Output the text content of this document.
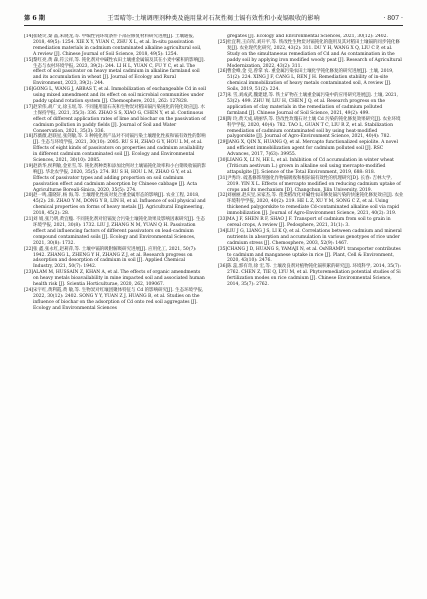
第 6 期	王雪晴等:土壤调理剂种类及施用量对石灰性褐土镉有效性和小麦镉吸收的影响	· 807 ·

[14]崔晓荧,秦 晶,朱晓龙,等. 中编性钝环境条件下部应修复材料研究进展[J]. 土壤通报, 2018, 49(5): 1254. XIE X Y, YUAN C, ZHU X L, et al. In-situ passivation remediation materials in cadmium contaminated alkaline agricultural soil, A review [J]. Chinese Journal of Soil Science, 2018, 49(5): 1254.

[15]黎红亮,黄 森,符云祥,等. 钝化剂对中碱性农田土壤重金属镉及其在小麦中累积的影响[J]. 生态与农村环境学报, 2023, 39(2): 244. LI H L, YUAN C, FU Y C, et al. The effect of soil passivator on heavy metal cadmium in alkaline farmland soil and its accumulation in wheat [J]. Journal of Ecology and Rural Environment, 2023, 39(2): 244.

[16]GONG L, WANG J, ABBAS T, et al. Immobilization of exchangeable Cd in soil using mixed amendment and its effect on soil microbial communities under paddy upland rotation system [J]. Chemosphere, 2021, 262: 127828.

[17]赵荣伟,胡广文,徐玉瑶,等. 不同施用量石灰和生物炭对稻田镉污染钝化的钝化效应[J]. 水土保持学报, 2021, 35(3): 336. ZHAO S S, XIAO G, CHEN Y, et al. Continuous effect of different application rates of lime and biochar on the passivation of cadmium pollution in paddy fields [J]. Journal of Soil and Water Conservation, 2021, 35(3): 336.

[18]苏薇薇,赵联星,张剑敏,等. 3 种钝化剂产品对不同镉污染土壤理化性质和镉有效性的影响[J]. 生态与环境学报, 2021, 30(10): 2085. RU S H, ZHAO G Y, HOU L M, et al. Effects of eight kinds of passivators on properties and cadmium availability in different cadmium contaminated soil [J]. Ecology and Environmental Sciences, 2021, 30(10): 2085.

[19]赵新华,侯利敏,金亚雪,等. 钝化剂种类和添加比例对土壤镉钝化效率和小白菜吸收镉的影响[J]. 华北农学报, 2020, 35(5): 274. RU S H, HOU L M, ZHAO G Y, et al. Effects of passivator types and adding proportion on soil cadmium passivation effect and cadmium absorption by Chinese cabbage [J]. Acta Agriculturae Boreali-Sinica, 2020, 35(5): 274.

[20]赵一鸣,董晓轩,杨 海,等. 土壤理化性质对复合重金属形态的影响[J]. 农业工程, 2018, 45(2): 28. ZHAO Y M, DONG Y B, LIN H, et al. Influence of soil physical and chemical properties on forms of heavy metals [J]. Agricultural Engineering, 2018, 45(2): 28.

[21]刘 娟,张乃明,黄宜楹. 不同钝化剂对铅镉复合污染土壤钝化效果及影响因素研究[J]. 生态环境学报, 2021, 30(8): 1732. LIU J, ZHANG N M, YUAN Q H. Passivation effect and influencing factors of different passivators on lead-cadmium compound contaminated soils [J]. Ecology and Environmental Sciences, 2021, 30(8): 1732.

[22]张 鑫,张永红,赵莉萍,等. 土壤中镉的吸附解吸研究进展[J]. 应用化工, 2021, 50(7): 1942. ZHANG L, ZHENG Y H, ZHANG Z J, et al. Research progress on adsorption and desorption of cadmium in soil [J]. Applied Chemical Industry, 2021, 50(7): 1942.

[23]ALAM M, HUSSAIN Z, KHAN A, et al. The effects of organic amendments on heavy metals bioavailability in mine impacted soil and associated human health risk [J]. Scientia Horticulturae, 2020, 262, 109067.

[24]宋宇红,黄利霞,黄 敏,等. 生物炭对红壤团聚体特征与 Cd 的影响研究[J]. 生态环境学报, 2022, 30(12): 2402. SONG Y Y, YUAN Z J, HUANG B, et al. Studies on the influence of biochar on the adsorption of Cd onto red soil aggregates [J]. Ecology and Environmental Sciences

gregates [J]. Ecology and Environmental Sciences, 2021, 30(12): 2402.

[25]杜宜利,王向军,刘开平,等. 铁改性生物炭对镉钝化的施用及其对稻田土壤镉的同步钝化修复[J]. 农业现代化研究, 2022, 43(2): 311. DU Y H, WANG X Q, LIU C P, et al. Study on the simultaneous remediation of Cd and As contamination in the paddy soil by applying iron modified woody peat [J]. Research of Agricultural Modernization, 2022, 43(2): 311.

[26]曹金峰,金 克,曾掌 农. 重金属污染农田土壤化学钝化修复的研究进展[J]. 土壤, 2019, 51(2): 224. XING J F, CANG L, REN J H. Remediation stability of in-site chemical immobilization of heavy metals contaminated soil, A review [J]. Soils, 2019, 51(2): 224.

[27]朱 雪,刘成武,魏建建,等. 铁土矿物在土壤重金属污染中的应用研究进展[J]. 土壤, 2021, 53(2): 499. ZHU W, LIU H, CHEN J Q, et al. Research progress on the application of clay materials in the remediation of cadmium polluted farmland [J]. Chinese Journal of Soil Science, 2021, 49(2): 499.

[28]陶 玲,黄天成,胡丽华,等. 热改性玫瑰石对土壤 Cd 污染的钝化修复效果研究[J]. 农业环境科学学报, 2020, 40(4): 782. TAO L, GUAN T C, LIU R Z, et al. Stabilization remediation of cadmium contaminated soil by using heat-modified palygorskite [J]. Journal of Agro-Environment Science, 2021, 40(4): 782.

[29]JANG X, QIN X, HUANG Q, et al. Mercapto functionalized sepiolite. A novel and efficient immobilization agent for cadmium polluted soil [J]. RSC Advances, 2017, 7(63): 39955.

[30]LIANG X, LI N, HE L, et al. Inhibition of Cd accumulation in winter wheat (Triticum aestivum L.) grown in alkaline soil using mercapto-modified attapulgite [J]. Science of the Total Environment, 2019, 688: 818.

[31]尹秀玲. 硫基修饰剂强化作物镉吸收和根际镉有效性的机理研究[D]. 长春: 吉林大学, 2019. YIN X L. Effects of mercapto modified on reducing cadmium uptake of crops and its mechanism [D]. Changchun, Jilin University, 2019.

[32]刘丽丽,赵庆昱,宋家杰,等. 莲类稻改化对碱性农田修复镉污染的快速钝化修复效应[J]. 农业环境科学学报, 2020, 40(2): 219. HE L Z, XU Y M, SONG C Z, et al. Using thickened palygorskite to remediate Cd-contaminated alkaline soil via rapid immobilization [J]. Journal of Agro-Environment Science, 2021, 40(2): 319.

[33]MA J F, SHEN R F, SHAO J F. Transport of cadmium from soil to grain in cereal crops, A review [J]. Pedosphere, 2021, 31(1): 3.

[34]LIU J G, LIANG J S, LI K Q, et al. Correlations between cadmium and mineral nutrients in absorption and accumulation in various genotypes of rice under cadmium stress [J]. Chemosphere, 2003, 52(9): 1467.

[35]CHANG J D, HUANG S, YAMAJI N, et al. OsNRAMP1 transporter contributes to cadmium and manganese uptake in rice [J]. Plant, Cell & Environment, 2020, 43(10): 2476.

[36]陈 蕊,郭有奇,徐 宏,等. 土壤改良剂对植物钝化镉积累的研究[J]. 环境科学, 2014, 35(7): 2762. CHEN Z, TIE Q, LYU M, et al. Phytoremediation potential studies of Si fertilization modes on rice cadmium [J]. Chinese Environmental Science, 2014, 35(7): 2762.
